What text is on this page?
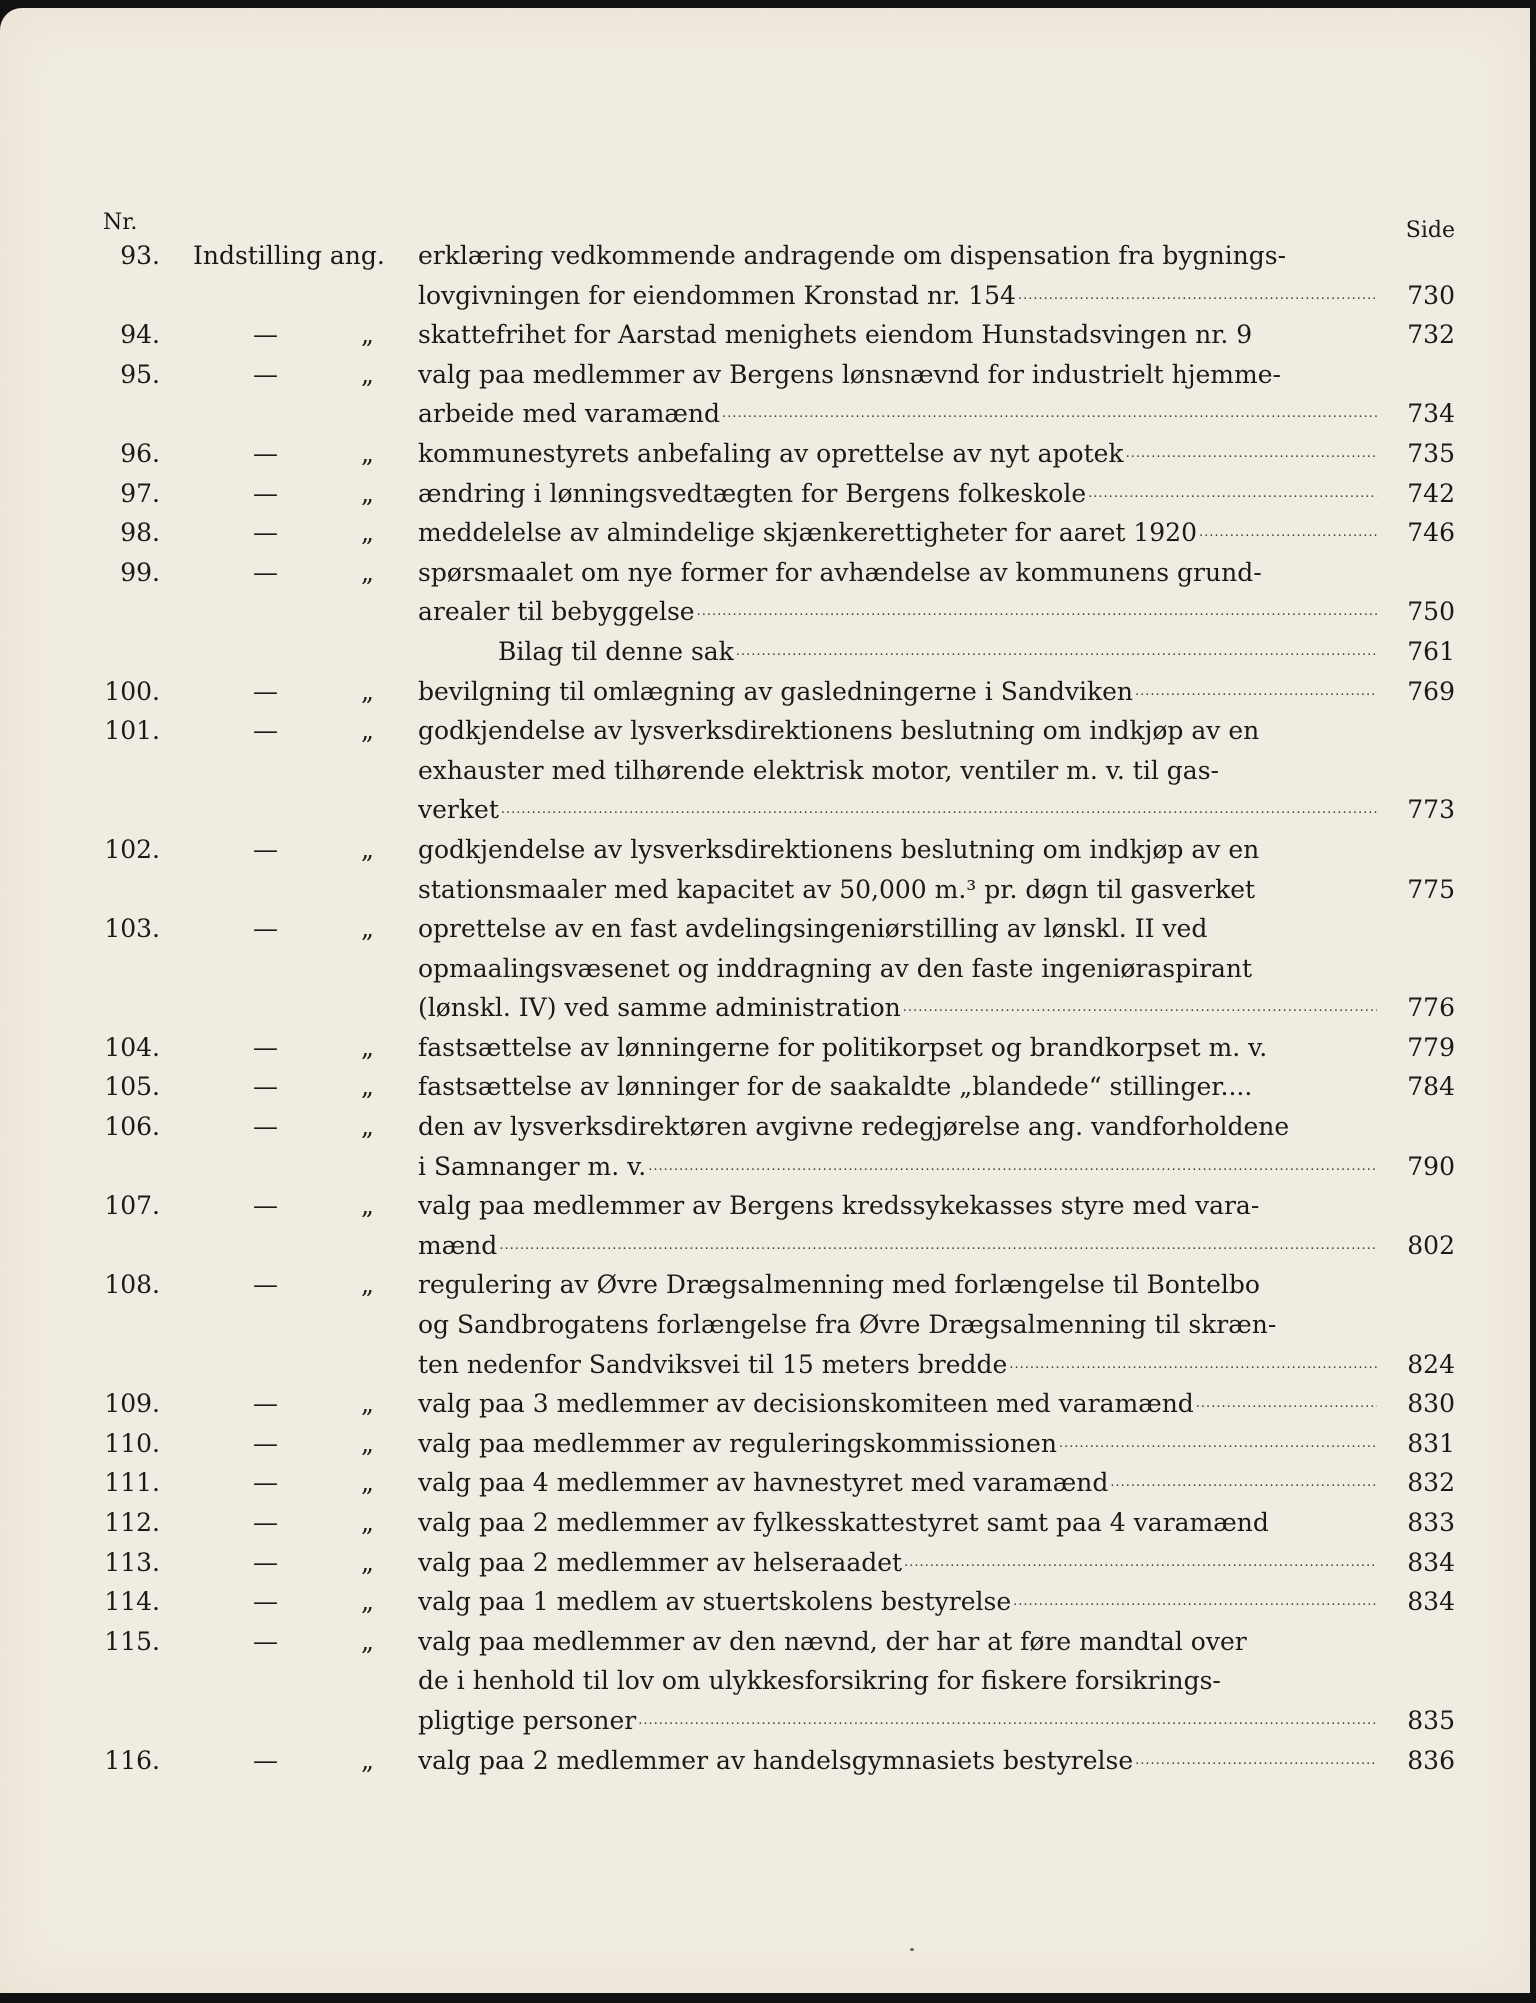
Nr.	Side
93. Indstilling ang.	erklæring vedkommende andragende om dispensation fra bygnings-
lovgivningen for eiendommen Kronstad nr. 154 .....	730
94.	—	„ skattefrihet for Aarstad menighets eiendom Hunstadsvingen nr. 9	732
95.	—	„ valg paa medlemmer av Bergens lønsnævnd for industrielt hjemme-
arbeide med varamænd .....	734
96.	—	„ kommunestyrets anbefaling av oprettelse av nyt apotek .....	735
97.	—	„ ændring i lønningsvedtægten for Bergens folkeskole .....	742
98.	—	„ meddelelse av almindelige skjænkerettigheter for aaret 1920 .....	746
99.	—	„ spørsmaalet om nye former for avhændelse av kommunens grund-
arealer til bebyggelse .....	750
Bilag til denne sak .....	761
100.	—	„ bevilgning til omlægning av gasledningerne i Sandviken .....	769
101.	—	„ godkjendelse av lysverksdirektionens beslutning om indkjøp av en
exhauster med tilhørende elektrisk motor, ventiler m. v. til gas-
verket .....	773
102.	—	„ godkjendelse av lysverksdirektionens beslutning om indkjøp av en
stationsmaaler med kapacitet av 50,000 m.³ pr. døgn til gasverket	775
103.	—	„ oprettelse av en fast avdelingsingeniørstilling av lønskl. II ved
opmaalingsvæsenet og inddragning av den faste ingeniøraspirant
(lønskl. IV) ved samme administration .....	776
104.	—	„ fastsættelse av lønningerne for politikorpset og brandkorpset m. v.	779
105.	—	„ fastsættelse av lønninger for de saakaldte „blandede“ stillinger....	784
106.	—	„ den av lysverksdirektøren avgivne redegjørelse ang. vandforholdene
i Samnanger m. v. .....	790
107.	—	„ valg paa medlemmer av Bergens kredssykekasses styre med vara-
mænd .....	802
108.	—	„ regulering av Øvre Drægsalmenning med forlængelse til Bontelbo
og Sandbrogatens forlængelse fra Øvre Drægsalmenning til skræn-
ten nedenfor Sandviksvei til 15 meters bredde .....	824
109.	—	„ valg paa 3 medlemmer av decisionskomiteen med varamænd .....	830
110.	—	„ valg paa medlemmer av reguleringskommissionen .....	831
111.	—	„ valg paa 4 medlemmer av havnestyret med varamænd .....	832
112.	—	„ valg paa 2 medlemmer av fylkesskattestyret samt paa 4 varamænd	833
113.	—	„ valg paa 2 medlemmer av helseraadet .....	834
114.	—	„ valg paa 1 medlem av stuertskolens bestyrelse .....	834
115.	—	„ valg paa medlemmer av den nævnd, der har at føre mandtal over
de i henhold til lov om ulykkesforsikring for fiskere forsikrings-
pligtige personer .....	835
116.	—	„ valg paa 2 medlemmer av handelsgymnasiets bestyrelse .....	836
